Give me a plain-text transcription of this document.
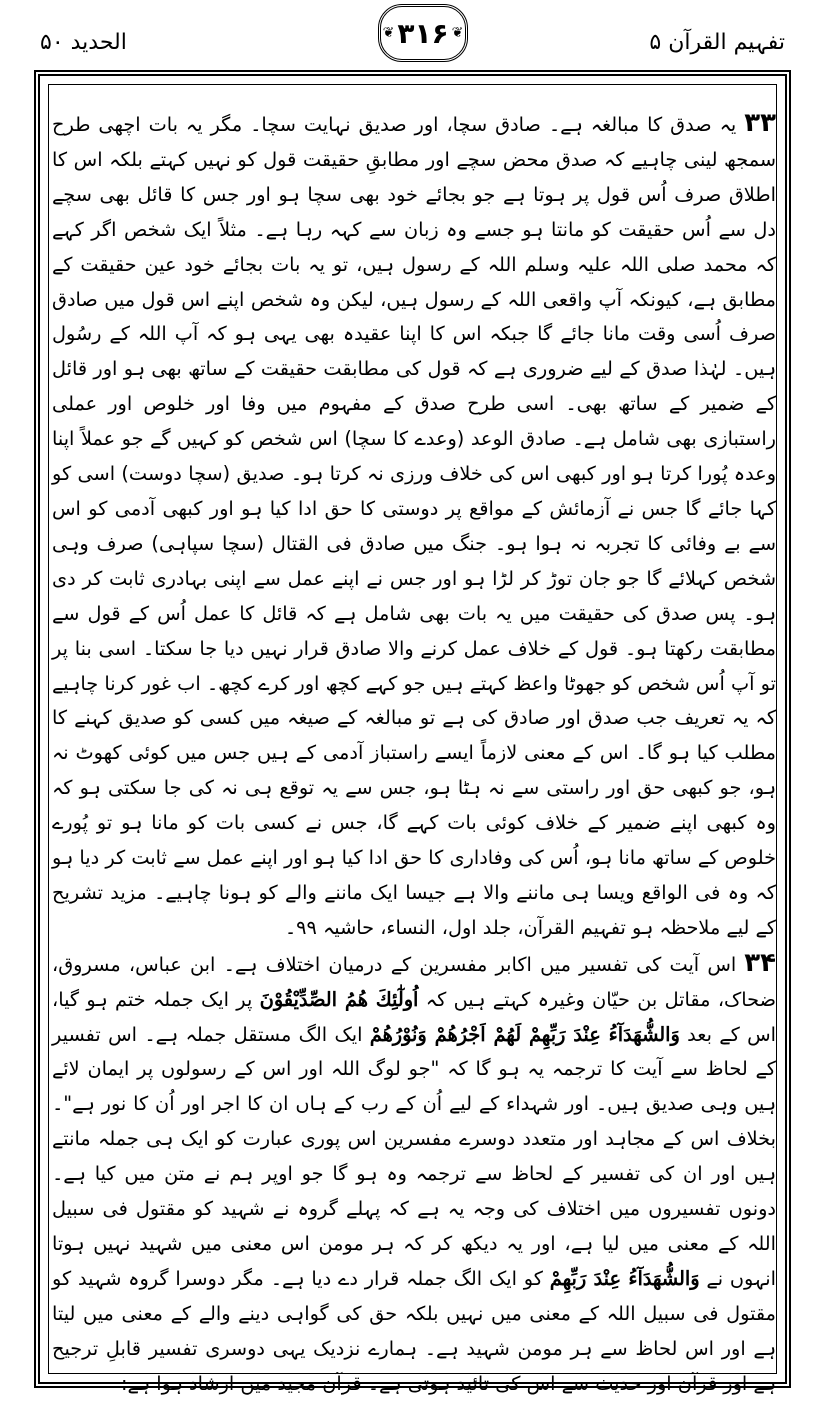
تفہیم القرآن ۵
❦ ۳۱۶ ❦
الحدید ۵۰

۳۳یہ صدق کا مبالغہ ہے۔ صادق سچا، اور صدیق نہایت سچا۔ مگر یہ بات اچھی طرح سمجھ لینی چاہیے کہ صدق محض سچے اور مطابقِ حقیقت قول کو نہیں کہتے بلکہ اس کا اطلاق صرف اُس قول پر ہوتا ہے جو بجائے خود بھی سچا ہو اور جس کا قائل بھی سچے دل سے اُس حقیقت کو مانتا ہو جسے وہ زبان سے کہہ رہا ہے۔ مثلاً ایک شخص اگر کہے کہ محمد صلی اللہ علیہ وسلم اللہ کے رسول ہیں، تو یہ بات بجائے خود عین حقیقت کے مطابق ہے، کیونکہ آپ واقعی اللہ کے رسول ہیں، لیکن وہ شخص اپنے اس قول میں صادق صرف اُسی وقت مانا جائے گا جبکہ اس کا اپنا عقیدہ بھی یہی ہو کہ آپ اللہ کے رسُول ہیں۔ لہٰذا صدق کے لیے ضروری ہے کہ قول کی مطابقت حقیقت کے ساتھ بھی ہو اور قائل کے ضمیر کے ساتھ بھی۔ اسی طرح صدق کے مفہوم میں وفا اور خلوص اور عملی راستبازی بھی شامل ہے۔ صادق الوعد (وعدے کا سچا) اس شخص کو کہیں گے جو عملاً اپنا وعدہ پُورا کرتا ہو اور کبھی اس کی خلاف ورزی نہ کرتا ہو۔ صدیق (سچا دوست) اسی کو کہا جائے گا جس نے آزمائش کے مواقع پر دوستی کا حق ادا کیا ہو اور کبھی آدمی کو اس سے بے وفائی کا تجربہ نہ ہوا ہو۔ جنگ میں صادق فی القتال (سچا سپاہی) صرف وہی شخص کہلائے گا جو جان توڑ کر لڑا ہو اور جس نے اپنے عمل سے اپنی بہادری ثابت کر دی ہو۔ پس صدق کی حقیقت میں یہ بات بھی شامل ہے کہ قائل کا عمل اُس کے قول سے مطابقت رکھتا ہو۔ قول کے خلاف عمل کرنے والا صادق قرار نہیں دیا جا سکتا۔ اسی بنا پر تو آپ اُس شخص کو جھوٹا واعظ کہتے ہیں جو کہے کچھ اور کرے کچھ۔ اب غور کرنا چاہیے کہ یہ تعریف جب صدق اور صادق کی ہے تو مبالغہ کے صیغہ میں کسی کو صدیق کہنے کا مطلب کیا ہو گا۔ اس کے معنی لازماً ایسے راستباز آدمی کے ہیں جس میں کوئی کھوٹ نہ ہو، جو کبھی حق اور راستی سے نہ ہٹا ہو، جس سے یہ توقع ہی نہ کی جا سکتی ہو کہ وہ کبھی اپنے ضمیر کے خلاف کوئی بات کہے گا، جس نے کسی بات کو مانا ہو تو پُورے خلوص کے ساتھ مانا ہو، اُس کی وفاداری کا حق ادا کیا ہو اور اپنے عمل سے ثابت کر دیا ہو کہ وہ فی الواقع ویسا ہی ماننے والا ہے جیسا ایک ماننے والے کو ہونا چاہیے۔ مزید تشریح کے لیے ملاحظہ ہو تفہیم القرآن، جلد اول، النساء، حاشیہ ۹۹۔

۳۴اس آیت کی تفسیر میں اکابر مفسرین کے درمیان اختلاف ہے۔ ابن عباس، مسروق، ضحاک، مقاتل بن حیّان وغیرہ کہتے ہیں کہ اُولٰٓئِكَ هُمُ الصِّدِّيْقُوْنَ پر ایک جملہ ختم ہو گیا، اس کے بعد وَالشُّهَدَآءُ عِنْدَ رَبِّهِمْ لَهُمْ اَجْرُهُمْ وَنُوْرُهُمْ ایک الگ مستقل جملہ ہے۔ اس تفسیر کے لحاظ سے آیت کا ترجمہ یہ ہو گا کہ "جو لوگ اللہ اور اس کے رسولوں پر ایمان لائے ہیں وہی صدیق ہیں۔ اور شہداء کے لیے اُن کے رب کے ہاں ان کا اجر اور اُن کا نور ہے"۔ بخلاف اس کے مجاہد اور متعدد دوسرے مفسرین اس پوری عبارت کو ایک ہی جملہ مانتے ہیں اور ان کی تفسیر کے لحاظ سے ترجمہ وہ ہو گا جو اوپر ہم نے متن میں کیا ہے۔ دونوں تفسیروں میں اختلاف کی وجہ یہ ہے کہ پہلے گروہ نے شہید کو مقتول فی سبیل اللہ کے معنی میں لیا ہے، اور یہ دیکھ کر کہ ہر مومن اس معنی میں شہید نہیں ہوتا انہوں نے وَالشُّهَدَآءُ عِنْدَ رَبِّهِمْ کو ایک الگ جملہ قرار دے دیا ہے۔ مگر دوسرا گروہ شہید کو مقتول فی سبیل اللہ کے معنی میں نہیں بلکہ حق کی گواہی دینے والے کے معنی میں لیتا ہے اور اس لحاظ سے ہر مومن شہید ہے۔ ہمارے نزدیک یہی دوسری تفسیر قابلِ ترجیح ہے اور قرآن اور حدیث سے اس کی تائید ہوتی ہے۔ قرآن مجید میں ارشاد ہوا ہے:
